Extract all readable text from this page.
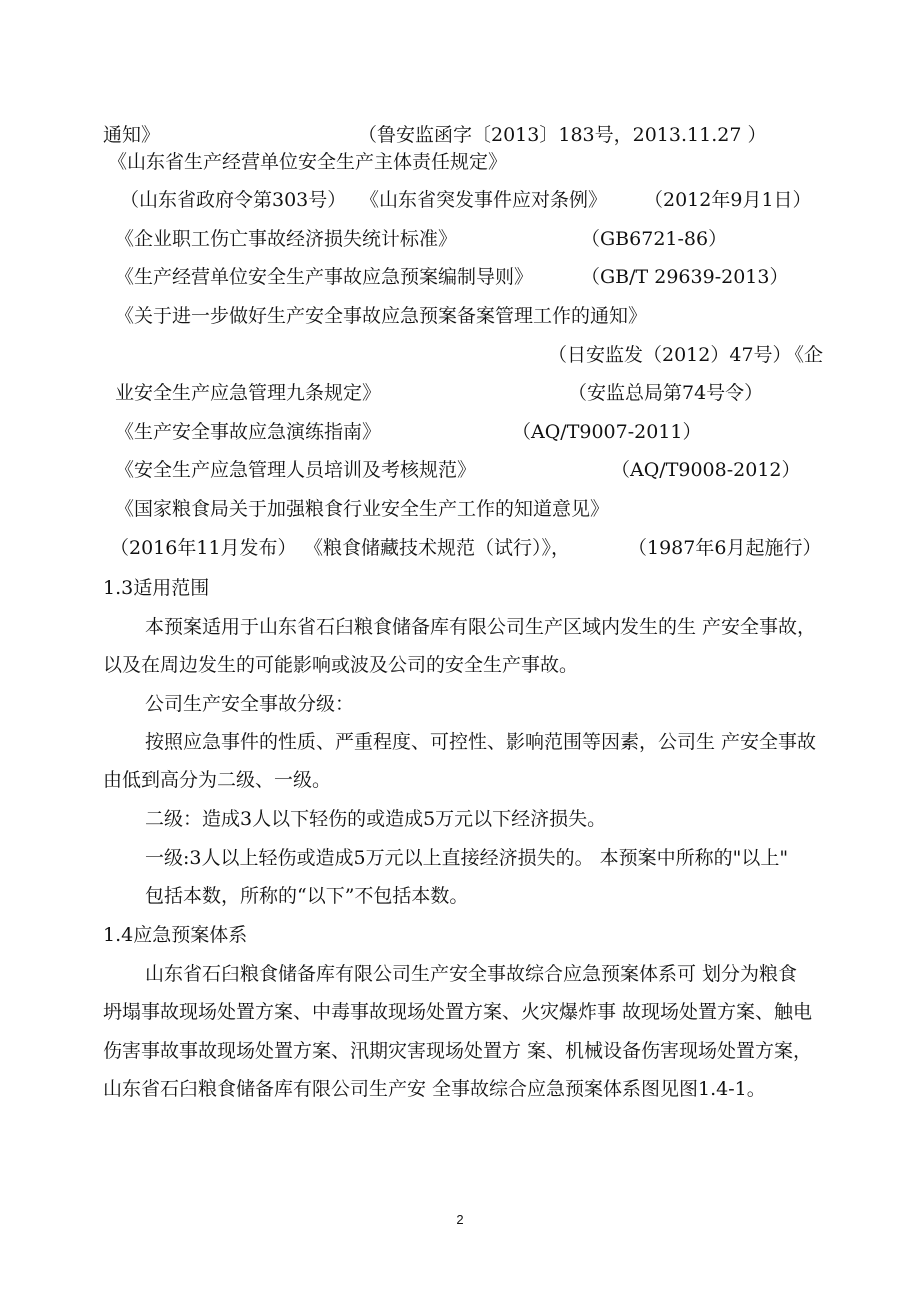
通知》	（鲁安监函字〔2013〕183号，2013.11.27 ）
《山东省生产经营单位安全生产主体责任规定》
（山东省政府令第303号） 《山东省突发事件应对条例》 （2012年9月1日）
《企业职工伤亡事故经济损失统计标准》	（GB6721-86）
《生产经营单位安全生产事故应急预案编制导则》	（GB/T 29639-2013）
《关于进一步做好生产安全事故应急预案备案管理工作的通知》
（日安监发（2012）47号）
《企
业安全生产应急管理九条规定》	（安监总局第74号令）
《生产安全事故应急演练指南》	（AQ/T9007-2011）
《安全生产应急管理人员培训及考核规范》	（AQ/T9008-2012）
《国家粮食局关于加强粮食行业安全生产工作的知道意见》
（2016年11月发布） 《粮食储藏技术规范（试行）》，	（1987年6月起施行）
1.3适用范围
本预案适用于山东省石臼粮食储备库有限公司生产区域内发生的生 产安全事故，
以及在周边发生的可能影响或波及公司的安全生产事故。
公司生产安全事故分级：
按照应急事件的性质、严重程度、可控性、影响范围等因素，公司生 产安全事故
由低到高分为二级、一级。
二级：造成3人以下轻伤的或造成5万元以下经济损失。
一级:3人以上轻伤或造成5万元以上直接经济损失的。 本预案中所称的"以上"
包括本数，所称的“以下”不包括本数。
1.4应急预案体系
山东省石臼粮食储备库有限公司生产安全事故综合应急预案体系可 划分为粮食
坍塌事故现场处置方案、中毒事故现场处置方案、火灾爆炸事 故现场处置方案、触电
伤害事故事故现场处置方案、汛期灾害现场处置方 案、机械设备伤害现场处置方案，
山东省石臼粮食储备库有限公司生产安 全事故综合应急预案体系图见图1.4-1。
2
